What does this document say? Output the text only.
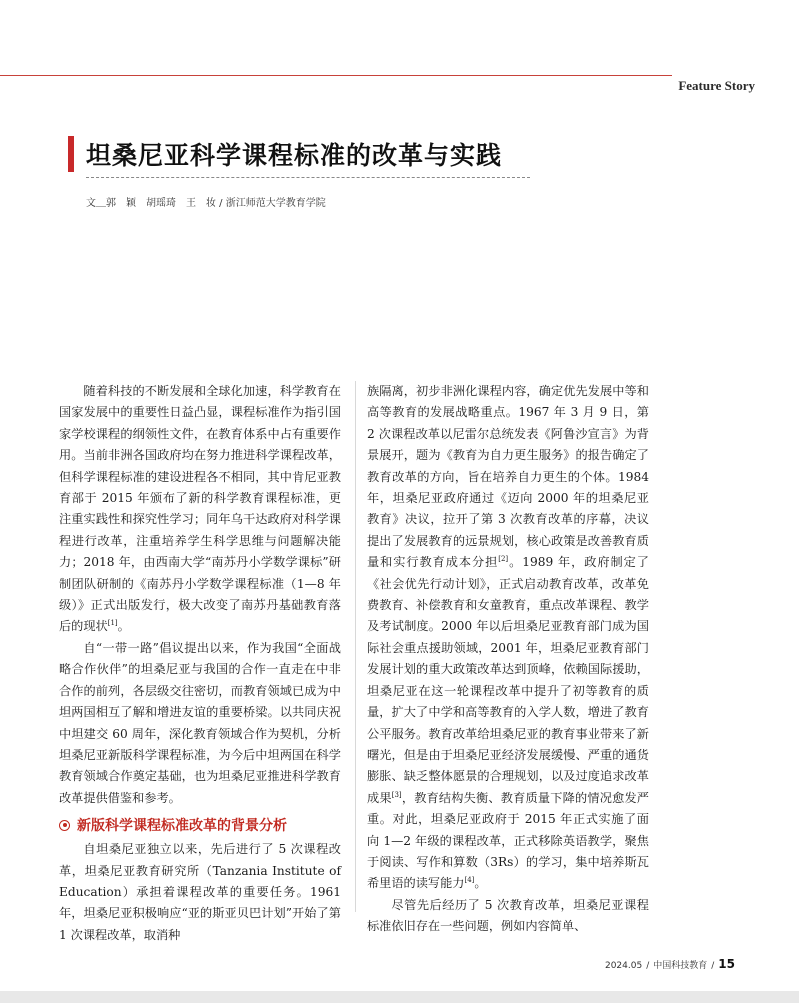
Feature Story
坦桑尼亚科学课程标准的改革与实践
文＿郭　颖　胡瑶琦　王　妆 / 浙江师范大学教育学院

随着科技的不断发展和全球化加速，科学教育在国家发展中的重要性日益凸显，课程标准作为指引国家学校课程的纲领性文件，在教育体系中占有重要作用。当前非洲各国政府均在努力推进科学课程改革，但科学课程标准的建设进程各不相同，其中肯尼亚教育部于 2015 年颁布了新的科学教育课程标准，更注重实践性和探究性学习；同年乌干达政府对科学课程进行改革，注重培养学生科学思维与问题解决能力；2018 年，由西南大学“南苏丹小学数学课标”研制团队研制的《南苏丹小学数学课程标准（1—8 年级）》正式出版发行，极大改变了南苏丹基础教育落后的现状[1]。

自“一带一路”倡议提出以来，作为我国“全面战略合作伙伴”的坦桑尼亚与我国的合作一直走在中非合作的前列，各层级交往密切，而教育领域已成为中坦两国相互了解和增进友谊的重要桥梁。以共同庆祝中坦建交 60 周年，深化教育领域合作为契机，分析坦桑尼亚新版科学课程标准，为今后中坦两国在科学教育领域合作奠定基础，也为坦桑尼亚推进科学教育改革提供借鉴和参考。

新版科学课程标准改革的背景分析

自坦桑尼亚独立以来，先后进行了 5 次课程改革，坦桑尼亚教育研究所（Tanzania Institute of Education）承担着课程改革的重要任务。1961 年，坦桑尼亚积极响应“亚的斯亚贝巴计划”开始了第 1 次课程改革，取消种

族隔离，初步非洲化课程内容，确定优先发展中等和高等教育的发展战略重点。1967 年 3 月 9 日，第 2 次课程改革以尼雷尔总统发表《阿鲁沙宣言》为背景展开，题为《教育为自力更生服务》的报告确定了教育改革的方向，旨在培养自力更生的个体。1984 年，坦桑尼亚政府通过《迈向 2000 年的坦桑尼亚教育》决议，拉开了第 3 次教育改革的序幕，决议提出了发展教育的远景规划，核心政策是改善教育质量和实行教育成本分担[2]。1989 年，政府制定了《社会优先行动计划》，正式启动教育改革，改革免费教育、补偿教育和女童教育，重点改革课程、教学及考试制度。2000 年以后坦桑尼亚教育部门成为国际社会重点援助领域，2001 年，坦桑尼亚教育部门发展计划的重大政策改革达到顶峰，依赖国际援助，坦桑尼亚在这一轮课程改革中提升了初等教育的质量，扩大了中学和高等教育的入学人数，增进了教育公平服务。教育改革给坦桑尼亚的教育事业带来了新曙光，但是由于坦桑尼亚经济发展缓慢、严重的通货膨胀、缺乏整体愿景的合理规划，以及过度追求改革成果[3]，教育结构失衡、教育质量下降的情况愈发严重。对此，坦桑尼亚政府于 2015 年正式实施了面向 1—2 年级的课程改革，正式移除英语教学，聚焦于阅读、写作和算数（3Rs）的学习，集中培养斯瓦希里语的读写能力[4]。

尽管先后经历了 5 次教育改革，坦桑尼亚课程标准依旧存在一些问题，例如内容简单、

2024.05 / 中国科技教育 / 15
